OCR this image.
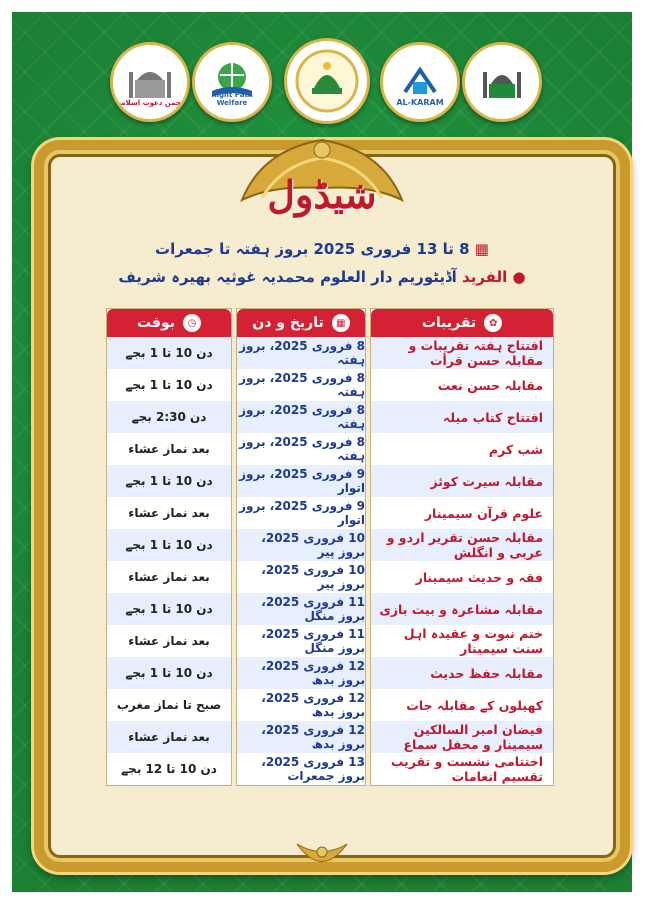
انجمن دعوت اسلامی
Right Path Welfare	AL-KARAM
شیڈول
▦ 8 تا 13 فروری 2025 بروز ہفتہ تا جمعرات
● الفرید آڈیٹوریم دار العلوم محمدیہ غوثیہ بھیرہ شریف
◷
بوقت
دن 10 تا 1 بجے
دن 10 تا 1 بجے
دن 2:30 بجے
بعد نماز عشاء
دن 10 تا 1 بجے
بعد نماز عشاء
دن 10 تا 1 بجے
بعد نماز عشاء
دن 10 تا 1 بجے
بعد نماز عشاء
دن 10 تا 1 بجے
صبح تا نماز مغرب
بعد نماز عشاء
دن 10 تا 12 بجے
▦
تاریخ و دن
8 فروری 2025، بروز ہفتہ
8 فروری 2025، بروز ہفتہ
8 فروری 2025، بروز ہفتہ
8 فروری 2025، بروز ہفتہ
9 فروری 2025، بروز اتوار
9 فروری 2025، بروز اتوار
10 فروری 2025، بروز پیر
10 فروری 2025، بروز پیر
11 فروری 2025، بروز منگل
11 فروری 2025، بروز منگل
12 فروری 2025، بروز بدھ
12 فروری 2025، بروز بدھ
12 فروری 2025، بروز بدھ
13 فروری 2025، بروز جمعرات
✿
تقریبات
افتتاح ہفتہ تقریبات و مقابلہ حسن قرأت
مقابلہ حسن نعت
افتتاح کتاب میلہ
شب کرم
مقابلہ سیرت کوئز
علوم قرآن سیمینار
مقابلہ حسن تقریر اردو و عربی و انگلش
فقہ و حدیث سیمینار
مقابلہ مشاعرہ و بیت بازی
ختم نبوت و عقیدہ اہل سنت سیمینار
مقابلہ حفظ حدیث
کھیلوں کے مقابلہ جات
فیضان امیر السالکین سیمینار و محفل سماع
اختتامی نشست و تقریب تقسیم انعامات
